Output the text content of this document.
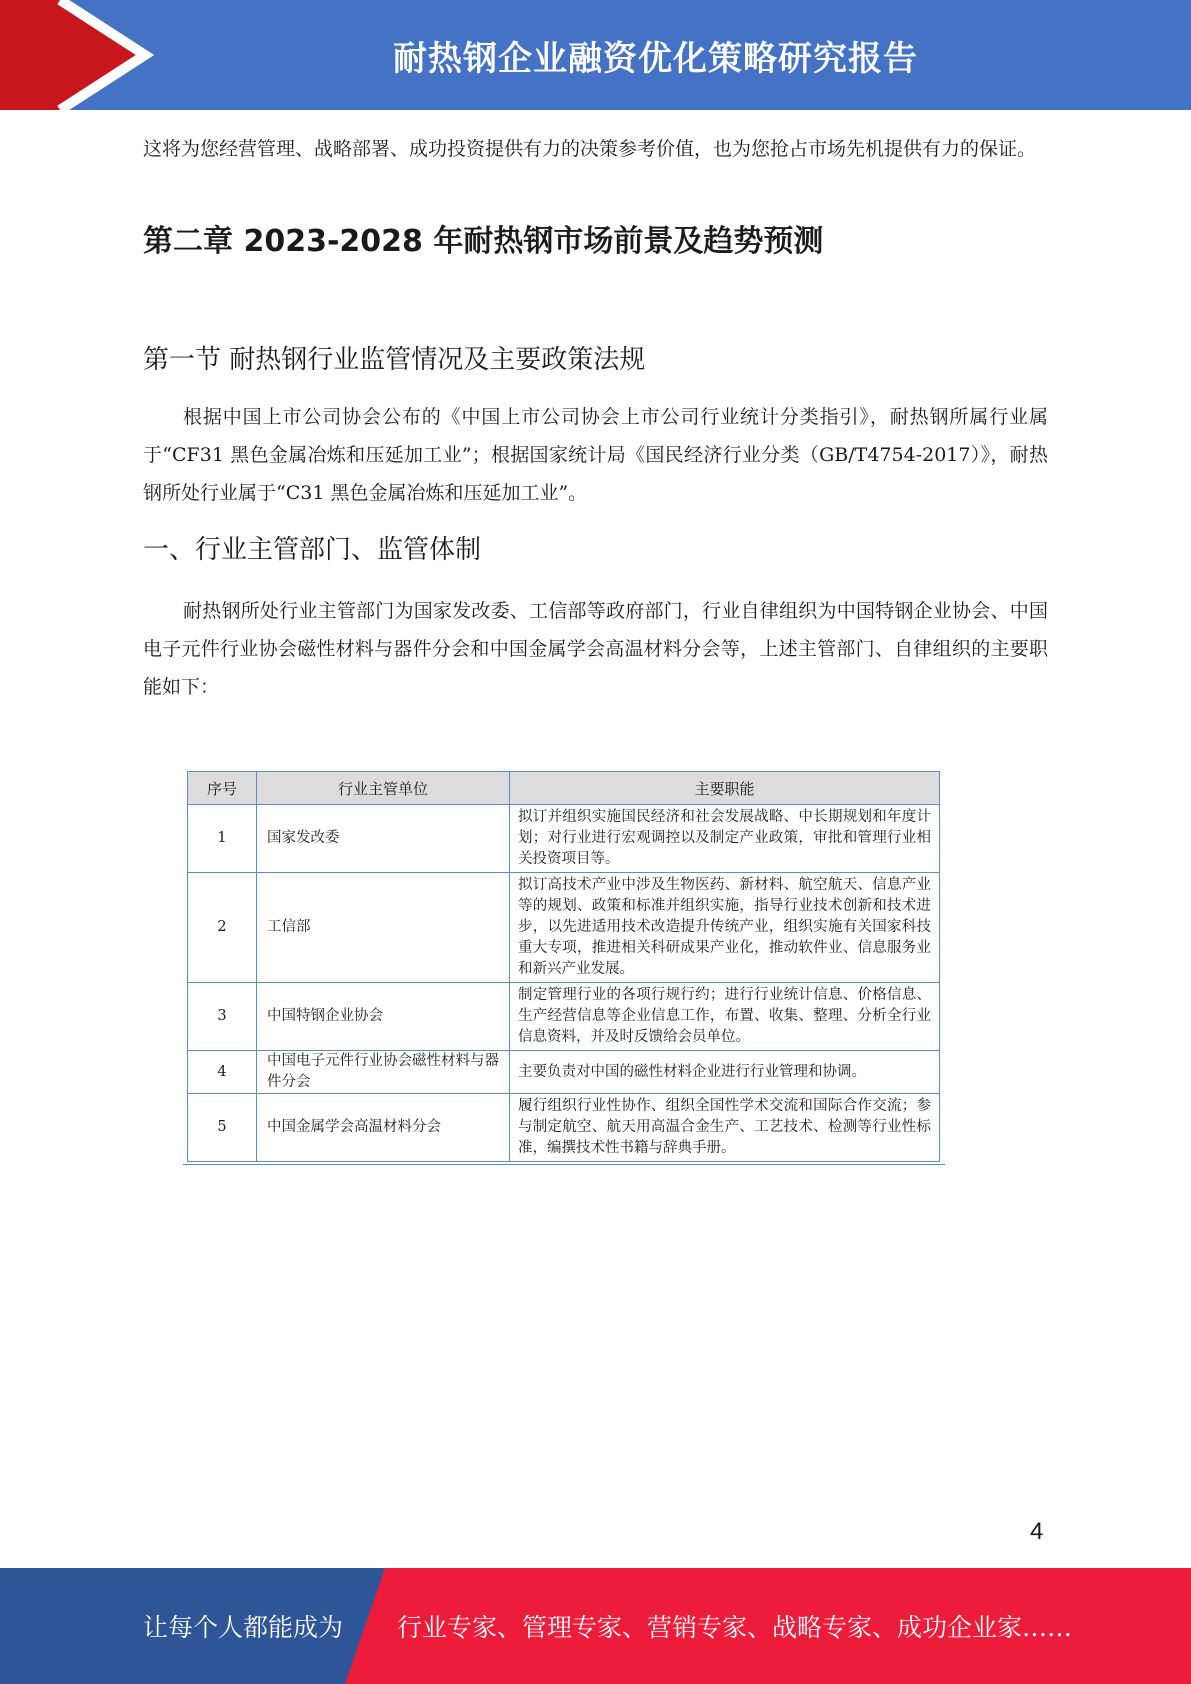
耐热钢企业融资优化策略研究报告

这将为您经营管理、战略部署、成功投资提供有力的决策参考价值，也为您抢占市场先机提供有力的保证。

第二章 2023-2028 年耐热钢市场前景及趋势预测
第一节 耐热钢行业监管情况及主要政策法规

根据中国上市公司协会公布的《中国上市公司协会上市公司行业统计分类指引》，耐热钢所属行业属于“CF31 黑色金属冶炼和压延加工业”；根据国家统计局《国民经济行业分类（GB/T4754-2017）》，耐热钢所处行业属于“C31 黑色金属冶炼和压延加工业”。

一、行业主管部门、监管体制

耐热钢所处行业主管部门为国家发改委、工信部等政府部门，行业自律组织为中国特钢企业协会、中国电子元件行业协会磁性材料与器件分会和中国金属学会高温材料分会等，上述主管部门、自律组织的主要职能如下：

序号	行业主管单位	主要职能
1	国家发改委	拟订并组织实施国民经济和社会发展战略、中长期规划和年度计划；对行业进行宏观调控以及制定产业政策，审批和管理行业相关投资项目等。
2	工信部	拟订高技术产业中涉及生物医药、新材料、航空航天、信息产业等的规划、政策和标准并组织实施，指导行业技术创新和技术进步，以先进适用技术改造提升传统产业，组织实施有关国家科技重大专项，推进相关科研成果产业化，推动软件业、信息服务业和新兴产业发展。
3	中国特钢企业协会	制定管理行业的各项行规行约；进行行业统计信息、价格信息、生产经营信息等企业信息工作，布置、收集、整理、分析全行业信息资料，并及时反馈给会员单位。
4	中国电子元件行业协会磁性材料与器件分会	主要负责对中国的磁性材料企业进行行业管理和协调。
5	中国金属学会高温材料分会	履行组织行业性协作、组织全国性学术交流和国际合作交流；参与制定航空、航天用高温合金生产、工艺技术、检测等行业性标准，编撰技术性书籍与辞典手册。
4
让每个人都能成为 行业专家、管理专家、营销专家、战略专家、成功企业家……
